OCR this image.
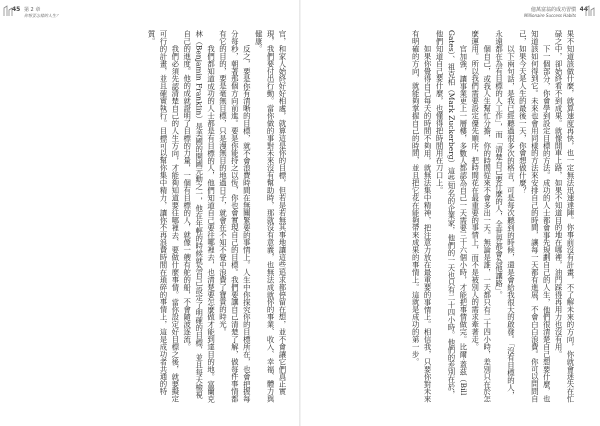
45 第 2 章
你想要怎樣的人生？

官，和家人始終好好相處，就算這是你的目標，但若是若無其事地讓這些追求都停留在想，並不會讓它們真正實現，我們要付出行動。當你做的事對未來沒有幫助時，那就沒有意義，也無法成就你的事業、收入、幸福、體力與健康。

反之，要是你有清晰的目標，就不會浪費時間在無關緊要的事情上。人生中你探究你的目標所在，也會把握每分每秒，朝著那個方向前進。要是你能持之以恆，你也會實現自己的目標。我們要讓自己清楚了解，做每件事情都有它的目的，要是毫無目標，只是漫無目的地過日子，就會在不知不覺中浪費了寶貴的時光。

我們都知道成功的人士都是有目標的人，他們知道自己要往哪裡去，也清楚要怎麼做才能到達目的地。富蘭克林（Benjamin Franklin）是美國的開國元勳之一，他在年輕的時候就為自己設定了明確的目標，並且每天檢視自己的進度。他的成就證明了目標的力量，一個有目標的人，就像一艘有舵的船，不會隨波逐流。

我們必須先認清楚自己的人生方向，才能夠知道要往哪裡去、要做什麼事情。當你設定好目標之後，就要擬定可行的計畫，並且確實執行。目標可以幫你集中精力，讓你不再浪費時間在瑣碎的事情上，這是成功者共通的特質。

億萬富翁的成功習慣
Millionaire Success Habits
44

果不知道該做什麼，就算速度再快，也一定無法迅速達陣。你事前沒有計畫，不了解未來的方向，你就會迷失在忙碌之中，卻始終看不到成果。就像開車上路，如果不知道目的地在哪裡，油門踩得再用力也沒有用。

下一個部分，你會學到設定目標的方法。成功的人士都會事先規劃自己的人生，他們很清楚自己想要什麼，也知道該如何得到它。未來也會用同樣的方法來安排自己的時間，讓每一天都有進展，不會白白浪費。你可以問問自己，如果今天是人生的最後一天，你會想做什麼？

以下兩句話，是我已經聽過很多次的格言，可是每次聽到的時候，還是會給我很大的啟發。「沒有目標的人，永遠都在為有目標的人工作」，而「清楚自己要什麼的人，全世界都會為他讓路」。

個自己，或我人生幫忙分擔，你的時間從來不會多出一天。無論是誰，一天都只有二十四小時，差別只在於怎麼運用。所以我們需要設定優先順序，把時間花在最重要的事情上，而不是被別人的需求牽著走。

官加強，讓事業更上一層樓，多數人都認為自己一天需要三十六個小時，才能把事情做完。比爾‧蓋茲（Bill Gates）、祖克柏（Mark Zuckerberg）這些知名的企業家，他們的一天也只有二十四小時。他們的差別在於，他們知道自己要什麼，也懂得把時間用在刀口上。

如果你覺得自己每天的時間不夠用，就無法集中精神，把注意力放在最重要的事情上。相信我，只要你對未來有明確的方向，就能夠掌握自己的時間，並且把它花在能夠帶來成果的事情上。這就是成功的第一步。
